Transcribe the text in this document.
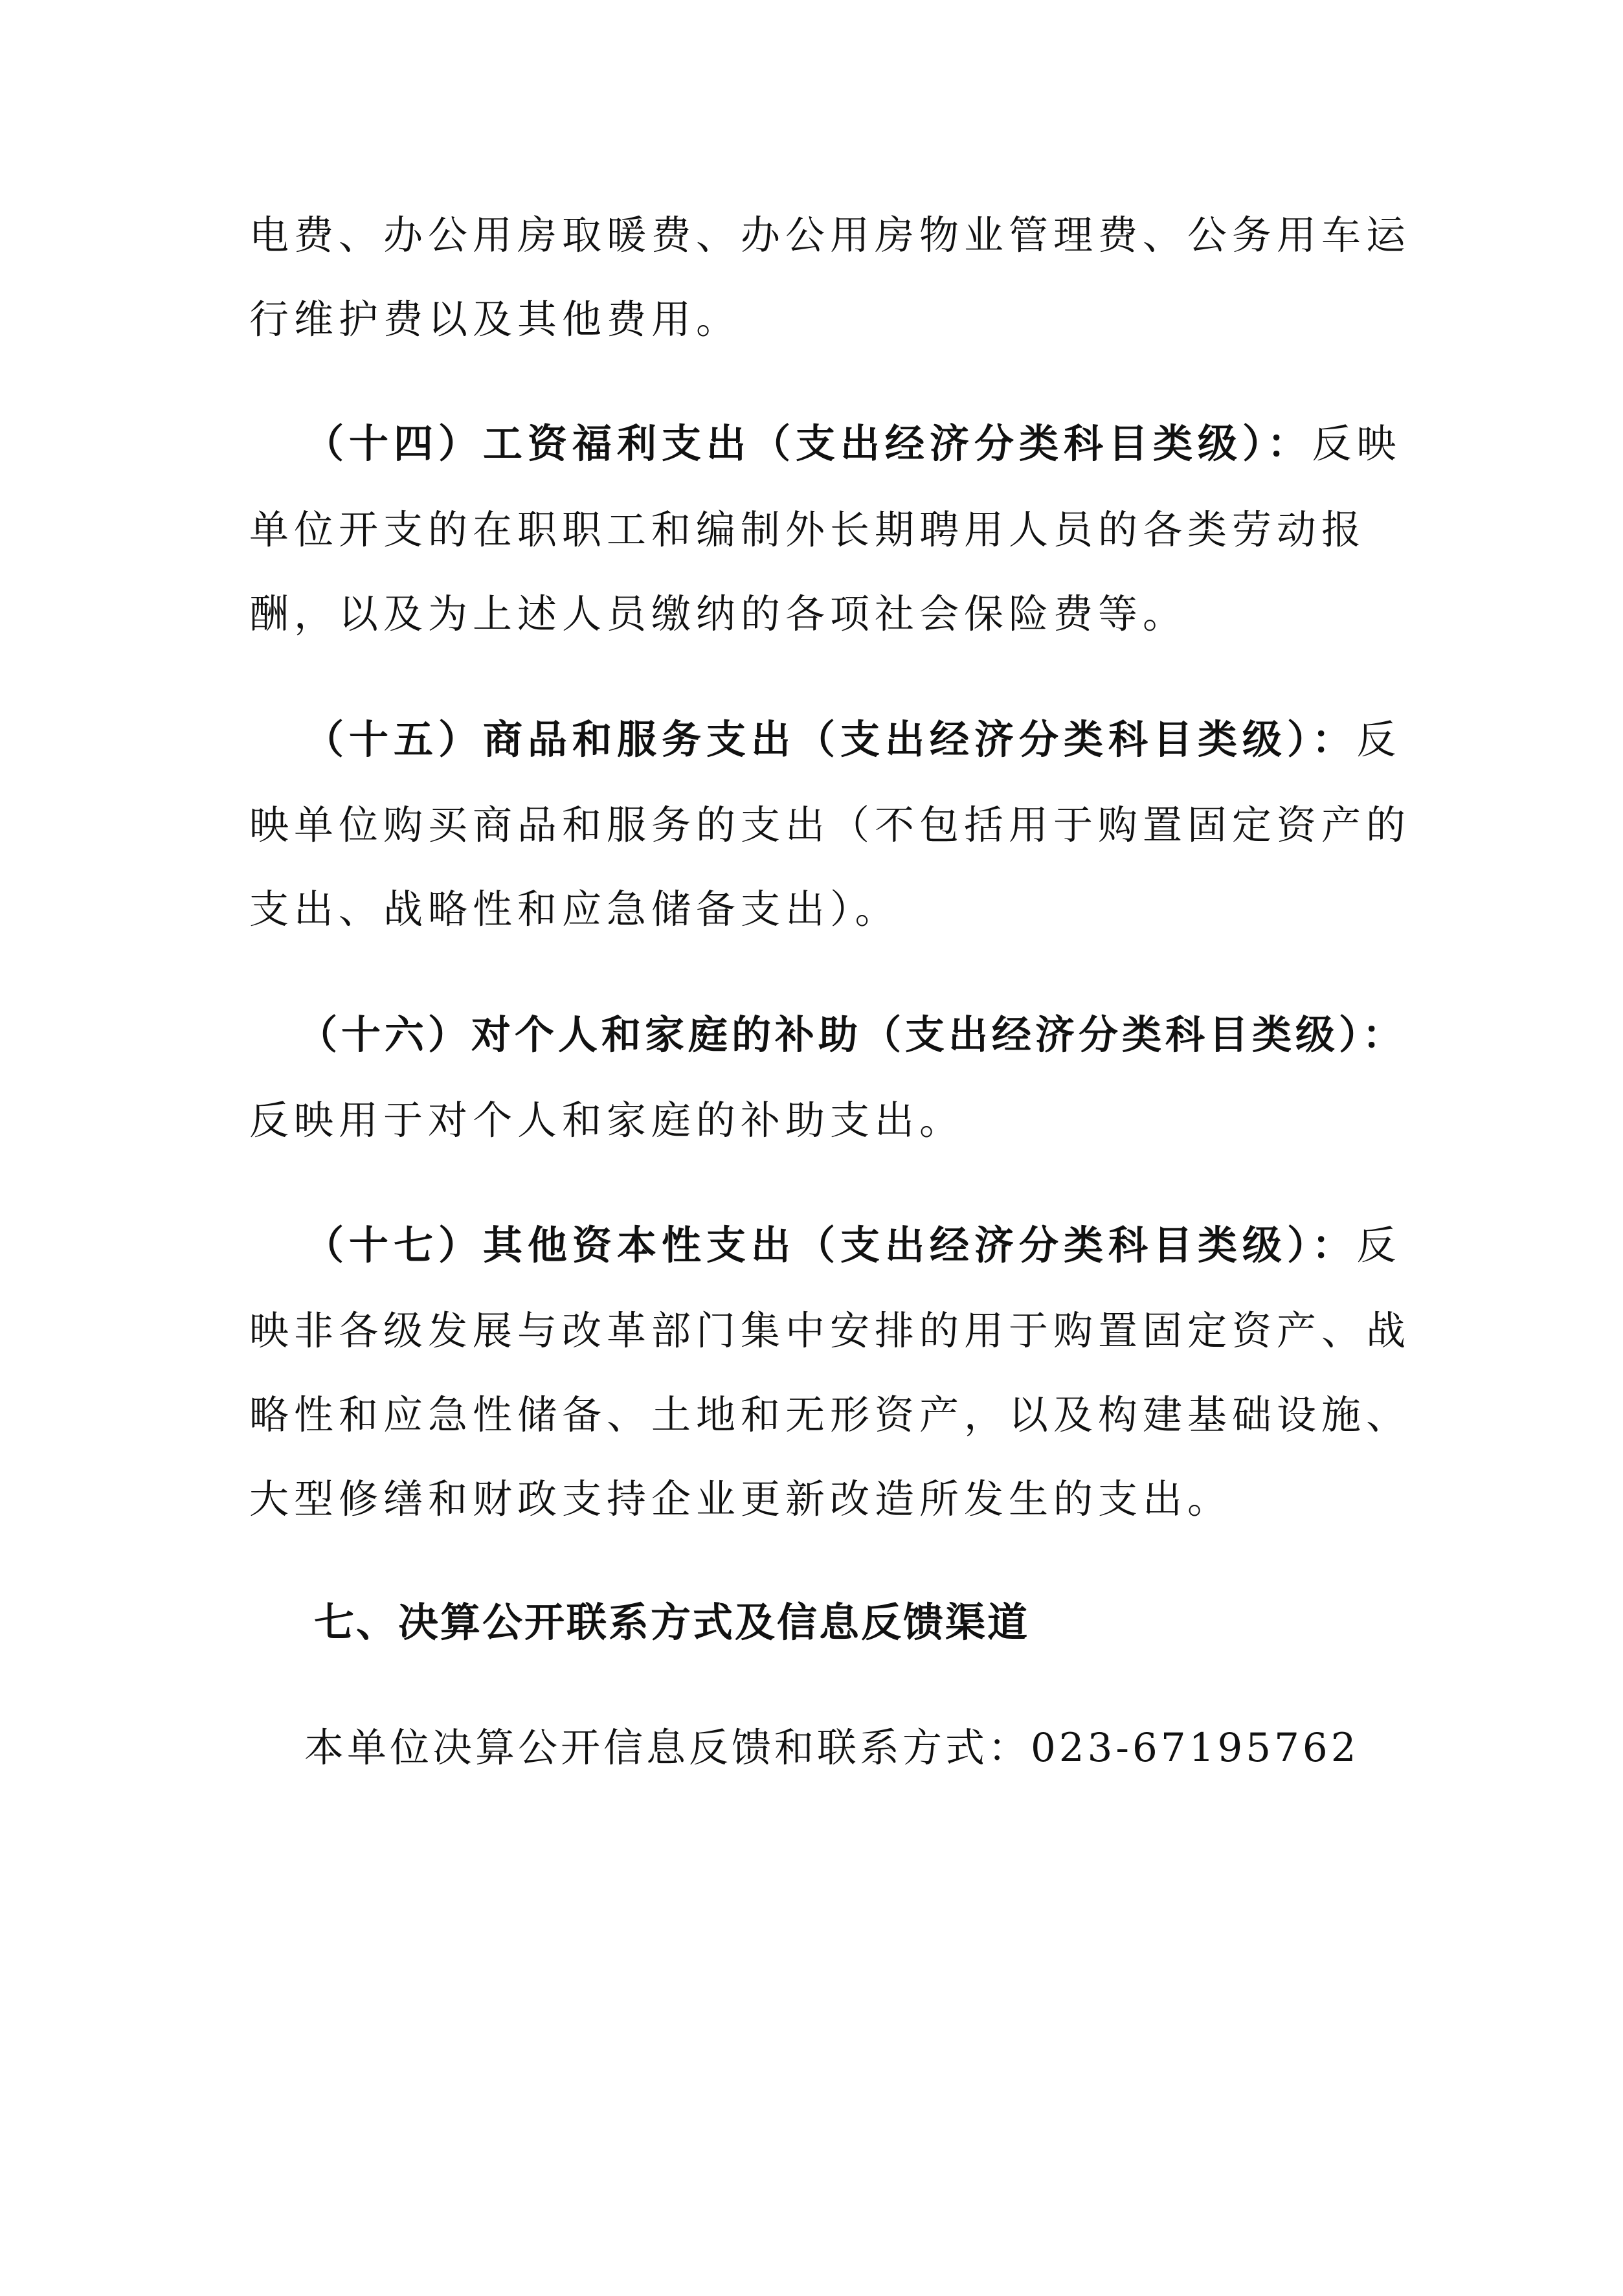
电费、办公用房取暖费、办公用房物业管理费、公务用车运
行维护费以及其他费用。
（十四）工资福利支出（支出经济分类科目类级）：反映
单位开支的在职职工和编制外长期聘用人员的各类劳动报
酬，以及为上述人员缴纳的各项社会保险费等。
（十五）商品和服务支出（支出经济分类科目类级）：反
映单位购买商品和服务的支出（不包括用于购置固定资产的
支出、战略性和应急储备支出）。
（十六）对个人和家庭的补助（支出经济分类科目类级）：
反映用于对个人和家庭的补助支出。
（十七）其他资本性支出（支出经济分类科目类级）：反
映非各级发展与改革部门集中安排的用于购置固定资产、战
略性和应急性储备、土地和无形资产，以及构建基础设施、
大型修缮和财政支持企业更新改造所发生的支出。
七、决算公开联系方式及信息反馈渠道
本单位决算公开信息反馈和联系方式：023-67195762
